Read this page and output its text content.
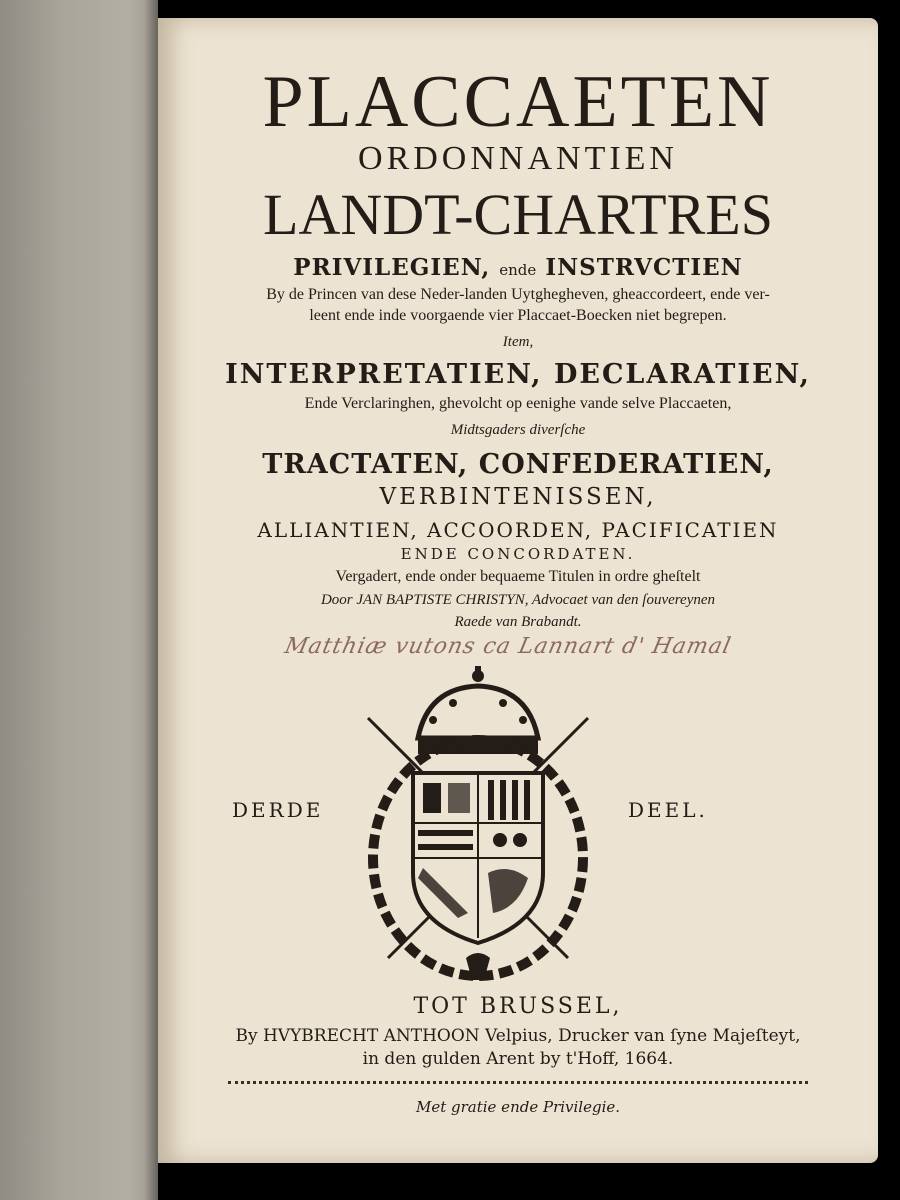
PLACCAETEN
ORDONNANTIEN
LANDT-CHARTRES
PRIVILEGIEN, ende INSTRVCTIEN
By de Princen van dese Neder-landen Uytghegheven, gheaccordeert, ende ver-
leent ende inde voorgaende vier Placcaet-Boecken niet begrepen.
Item,
INTERPRETATIEN, DECLARATIEN,
Ende Verclaringhen, ghevolcht op eenighe vande selve Placcaeten,
Midtsgaders diverſche
TRACTATEN, CONFEDERATIEN,
VERBINTENISSEN,
ALLIANTIEN, ACCOORDEN, PACIFICATIEN
ENDE CONCORDATEN.
Vergadert, ende onder bequaeme Titulen in ordre gheſtelt
Door JAN BAPTISTE CHRISTYN, Advocaet van den ſouvereynen
Raede van Brabandt.
Matthiæ vutons ca Lannart d' Hamal
DERDE	DEEL.
TOT BRUSSEL,
By HVYBRECHT ANTHOON Velpius, Drucker van ſyne Majeſteyt,
in den gulden Arent by t'Hoff, 1664.
Met gratie ende Privilegie.
